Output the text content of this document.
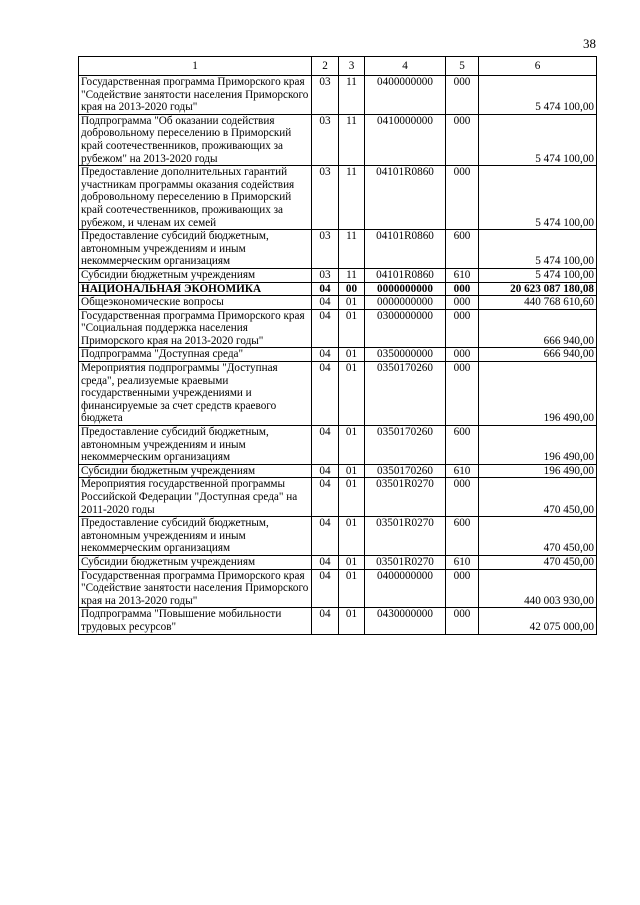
38
1	2	3	4	5	6
Государственная программа Приморского края "Содействие занятости населения Приморского края на 2013-2020 годы"	03	11	0400000000	000	5 474 100,00
Подпрограмма "Об оказании содействия добровольному переселению в Приморский край соотечественников, проживающих за рубежом" на 2013-2020 годы	03	11	0410000000	000	5 474 100,00
Предоставление дополнительных гарантий участникам программы оказания содействия добровольному переселению в Приморский край соотечественников, проживающих за рубежом, и членам их семей	03	11	04101R0860	000	5 474 100,00
Предоставление субсидий бюджетным, автономным учреждениям и иным некоммерческим организациям	03	11	04101R0860	600	5 474 100,00
Субсидии бюджетным учреждениям	03	11	04101R0860	610	5 474 100,00
НАЦИОНАЛЬНАЯ ЭКОНОМИКА	04	00	0000000000	000	20 623 087 180,08
Общеэкономические вопросы	04	01	0000000000	000	440 768 610,60
Государственная программа Приморского края "Социальная поддержка населения Приморского края на 2013-2020 годы"	04	01	0300000000	000	666 940,00
Подпрограмма "Доступная среда"	04	01	0350000000	000	666 940,00
Мероприятия подпрограммы "Доступная среда", реализуемые краевыми государственными учреждениями и финансируемые за счет средств краевого бюджета	04	01	0350170260	000	196 490,00
Предоставление субсидий бюджетным, автономным учреждениям и иным некоммерческим организациям	04	01	0350170260	600	196 490,00
Субсидии бюджетным учреждениям	04	01	0350170260	610	196 490,00
Мероприятия государственной программы Российской Федерации "Доступная среда" на 2011-2020 годы	04	01	03501R0270	000	470 450,00
Предоставление субсидий бюджетным, автономным учреждениям и иным некоммерческим организациям	04	01	03501R0270	600	470 450,00
Субсидии бюджетным учреждениям	04	01	03501R0270	610	470 450,00
Государственная программа Приморского края "Содействие занятости населения Приморского края на 2013-2020 годы"	04	01	0400000000	000	440 003 930,00
Подпрограмма "Повышение мобильности трудовых ресурсов"	04	01	0430000000	000	42 075 000,00
